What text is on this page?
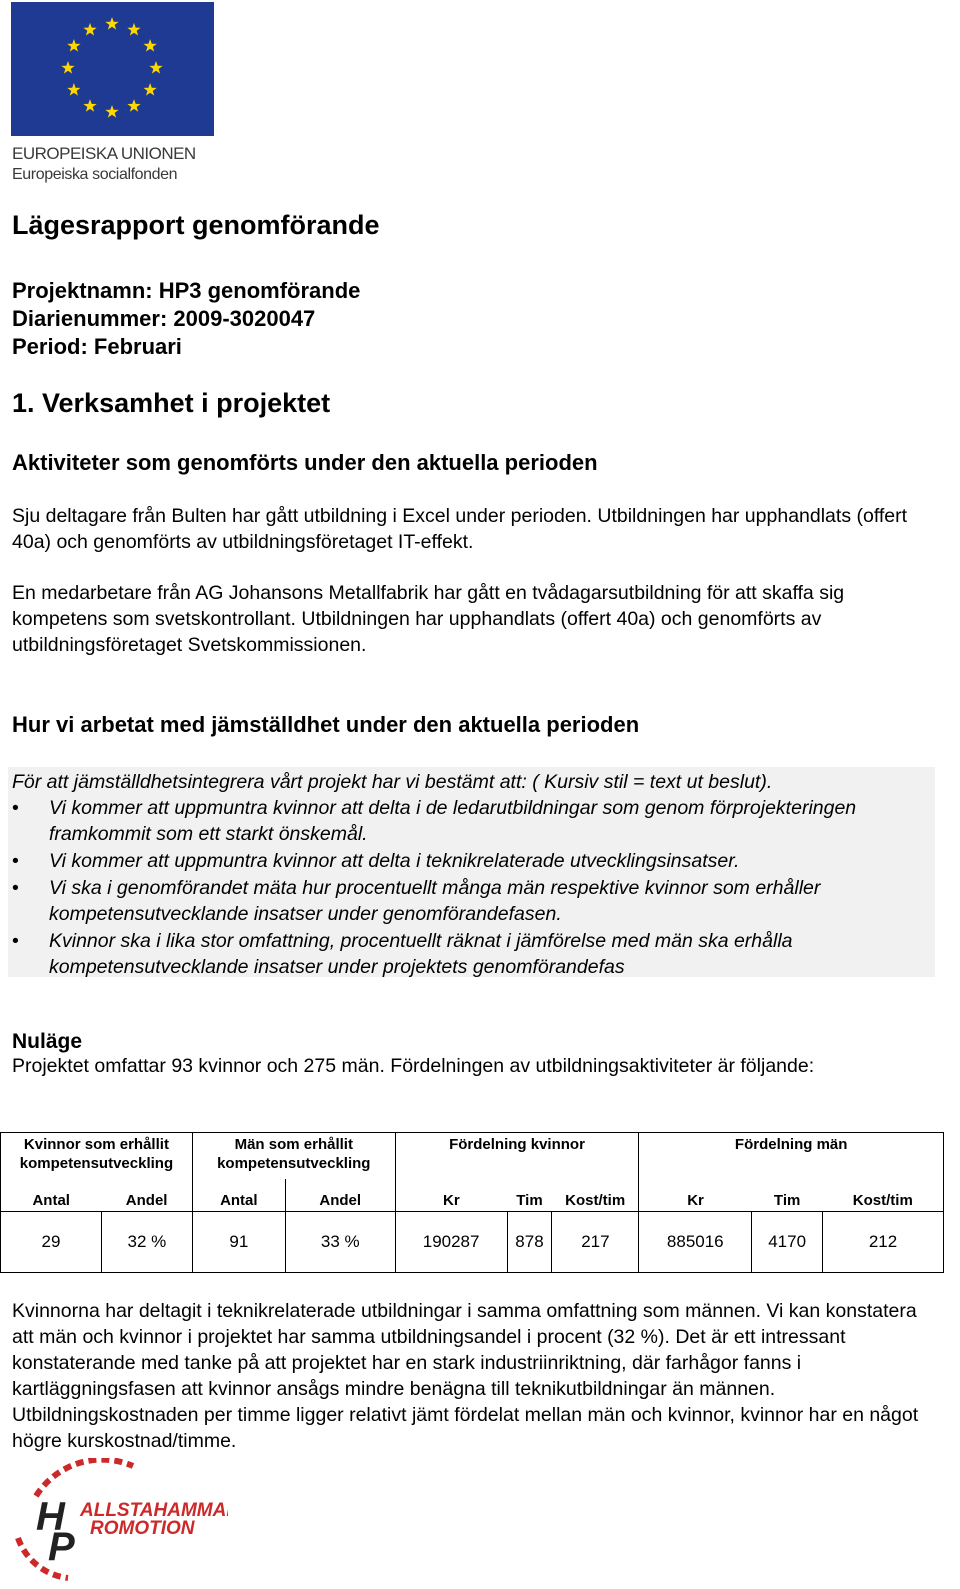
EUROPEISKA UNIONEN
Europeiska socialfonden
Lägesrapport genomförande
Projektnamn: HP3 genomförande
Diarienummer: 2009-3020047
Period: Februari
1. Verksamhet i projektet
Aktiviteter som genomförts under den aktuella perioden
Sju deltagare från Bulten har gått utbildning i Excel under perioden. Utbildningen har upphandlats (offert 40a) och genomförts av utbildningsföretaget IT-effekt.
En medarbetare från AG Johansons Metallfabrik har gått en tvådagarsutbildning för att skaffa sig kompetens som svetskontrollant. Utbildningen har upphandlats (offert 40a) och genomförts av utbildningsföretaget Svetskommissionen.
Hur vi arbetat med jämställdhet under den aktuella perioden
För att jämställdhetsintegrera vårt projekt har vi bestämt att: ( Kursiv stil = text ut beslut).
• Vi kommer att uppmuntra kvinnor att delta i de ledarutbildningar som genom förprojekteringen framkommit som ett starkt önskemål.
• Vi kommer att uppmuntra kvinnor att delta i teknikrelaterade utvecklingsinsatser.
• Vi ska i genomförandet mäta hur procentuellt många män respektive kvinnor som erhåller kompetensutvecklande insatser under genomförandefasen.
• Kvinnor ska i lika stor omfattning, procentuellt räknat i jämförelse med män ska erhålla kompetensutvecklande insatser under projektets genomförandefas
Nuläge
Projektet omfattar 93 kvinnor och 275 män. Fördelningen av utbildningsaktiviteter är följande:
Kvinnor som erhållit kompetensutveckling		Män som erhållit kompetensutveckling		Fördelning kvinnor			Fördelning män		
Antal	Andel	Antal	Andel	Kr	Tim	Kost/tim	Kr	Tim	Kost/tim
29	32 %	91	33 %	190287	878	217	885016	4170	212
Kvinnorna har deltagit i teknikrelaterade utbildningar i samma omfattning som männen. Vi kan konstatera att män och kvinnor i projektet har samma utbildningsandel i procent (32 %). Det är ett intressant konstaterande med tanke på att projektet har en stark industriinriktning, där farhågor fanns i kartläggningsfasen att kvinnor ansågs mindre benägna till teknikutbildningar än männen. Utbildningskostnaden per timme ligger relativt jämt fördelat mellan män och kvinnor, kvinnor har en något högre kurskostnad/timme.
H
P
ALLSTAHAMMAR
ROMOTION
